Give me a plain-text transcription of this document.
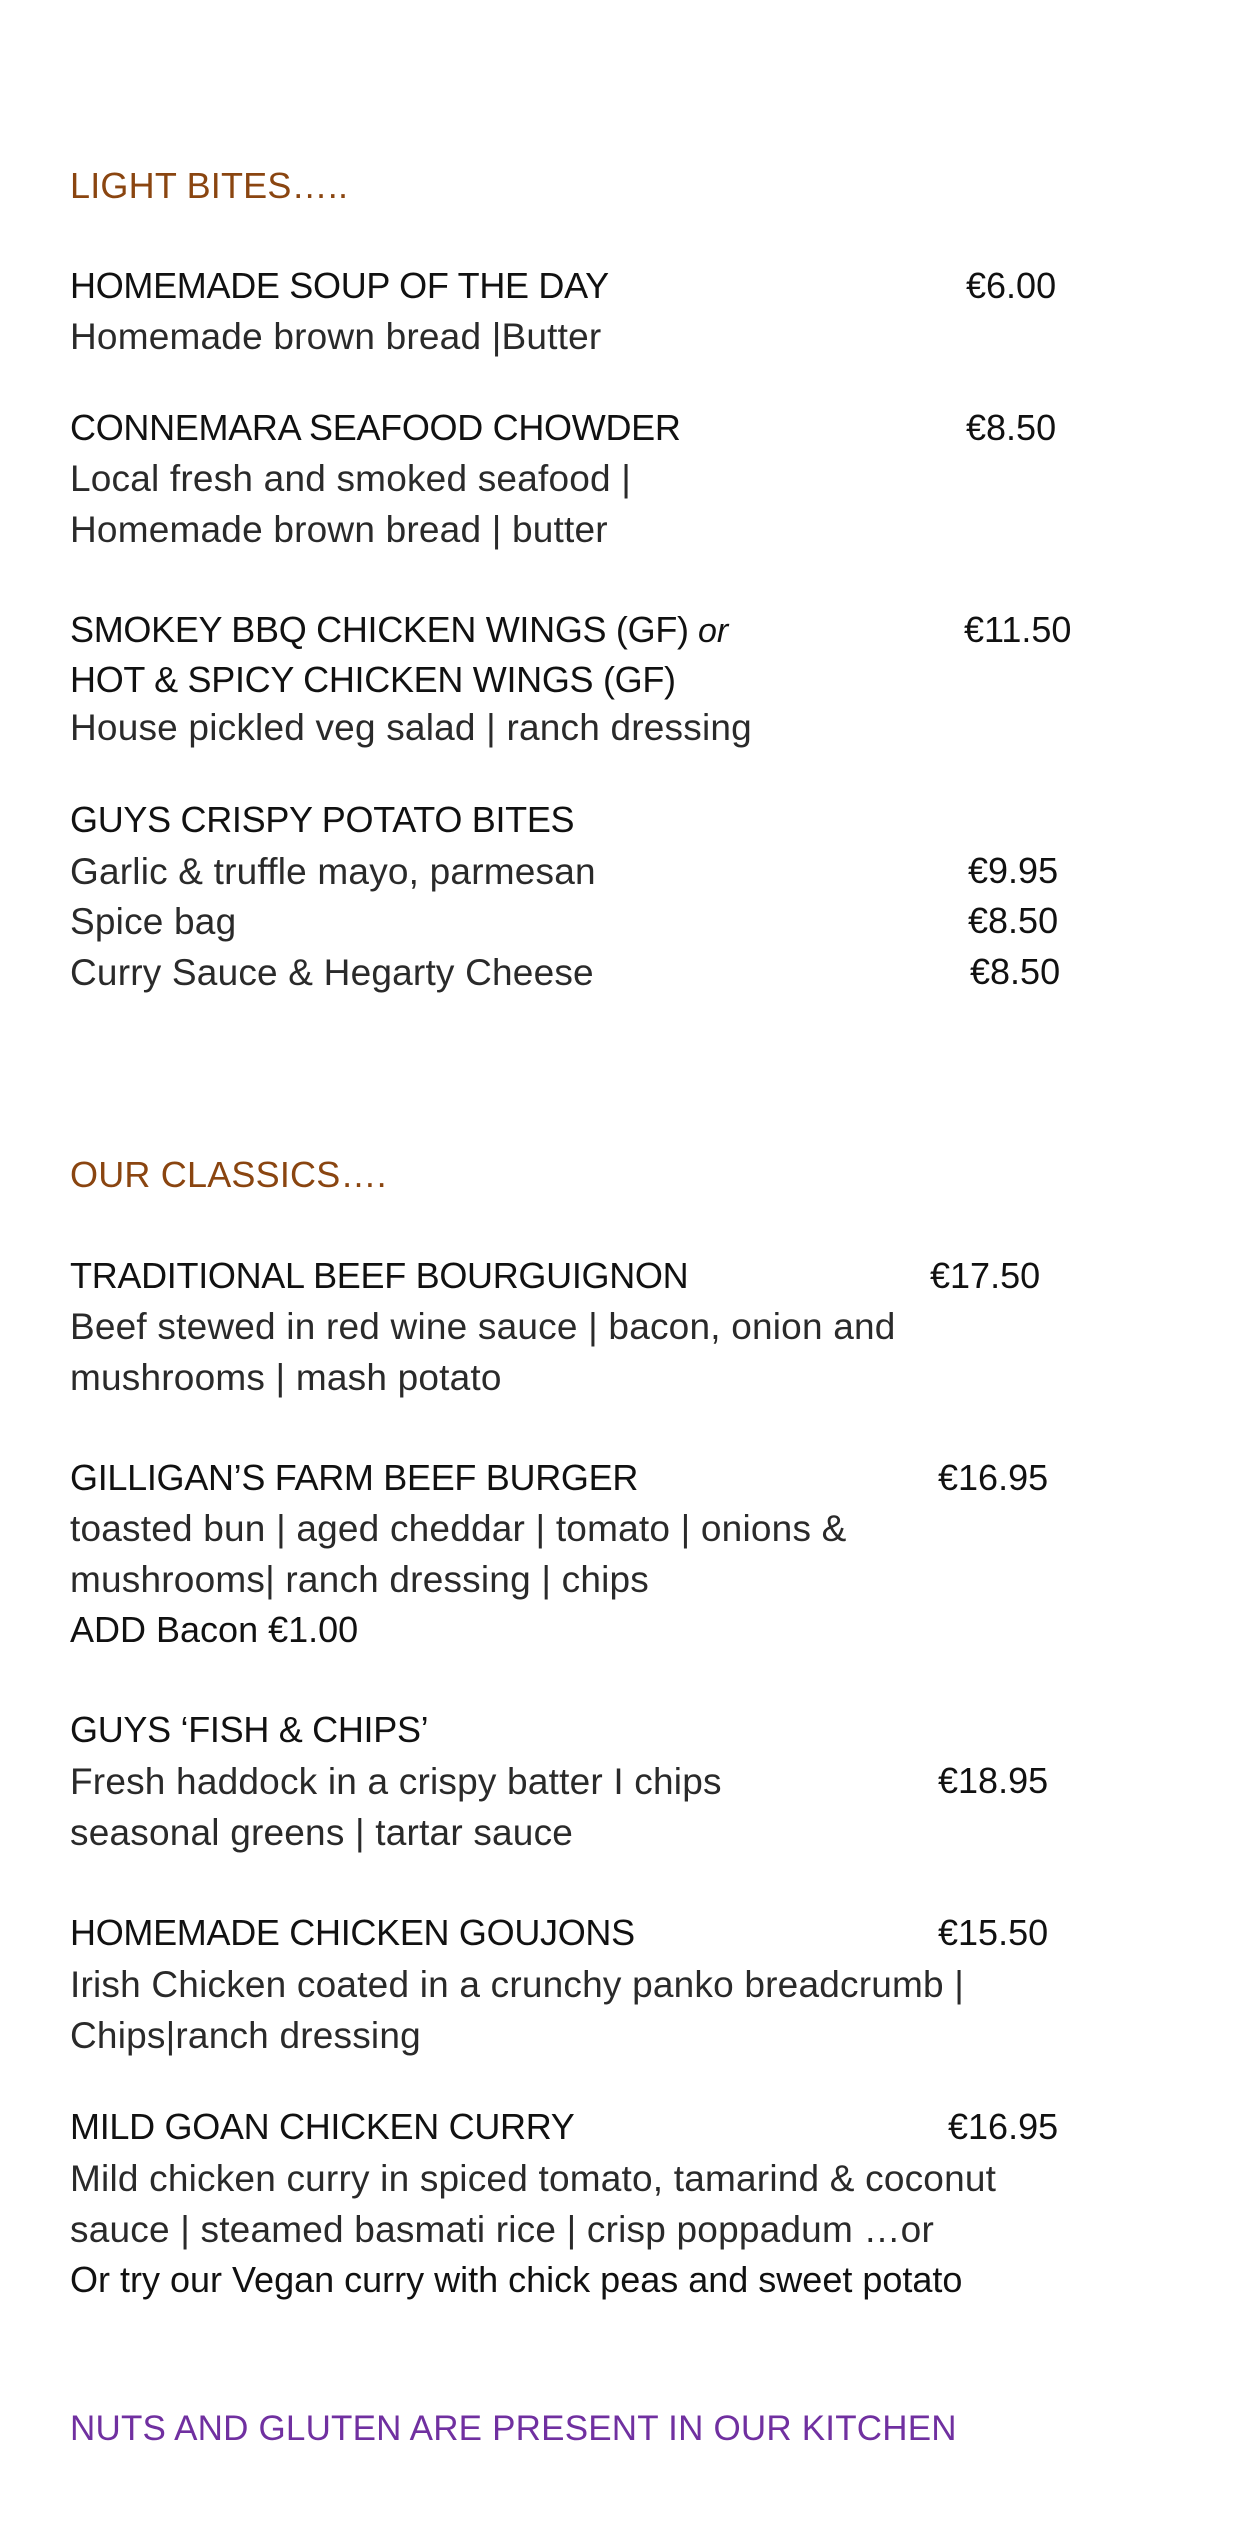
LIGHT BITES…..
HOMEMADE SOUP OF THE DAY	€6.00
Homemade brown bread |Butter
CONNEMARA SEAFOOD CHOWDER	€8.50
Local fresh and smoked seafood |
Homemade brown bread | butter
SMOKEY BBQ CHICKEN WINGS (GF) or	€11.50
HOT & SPICY CHICKEN WINGS (GF)
House pickled veg salad | ranch dressing
GUYS CRISPY POTATO BITES
Garlic & truffle mayo, parmesan	€9.95
Spice bag	€8.50
Curry Sauce & Hegarty Cheese	€8.50
OUR CLASSICS….
TRADITIONAL BEEF BOURGUIGNON	€17.50
Beef stewed in red wine sauce | bacon, onion and
mushrooms | mash potato
GILLIGAN’S FARM BEEF BURGER	€16.95
toasted bun | aged cheddar | tomato | onions &
mushrooms| ranch dressing | chips
ADD Bacon €1.00
GUYS ‘FISH & CHIPS’
Fresh haddock in a crispy batter I chips	€18.95
seasonal greens | tartar sauce
HOMEMADE CHICKEN GOUJONS	€15.50
Irish Chicken coated in a crunchy panko breadcrumb |
Chips|ranch dressing
MILD GOAN CHICKEN CURRY	€16.95
Mild chicken curry in spiced tomato, tamarind & coconut
sauce | steamed basmati rice | crisp poppadum …or
Or try our Vegan curry with chick peas and sweet potato
NUTS AND GLUTEN ARE PRESENT IN OUR KITCHEN
